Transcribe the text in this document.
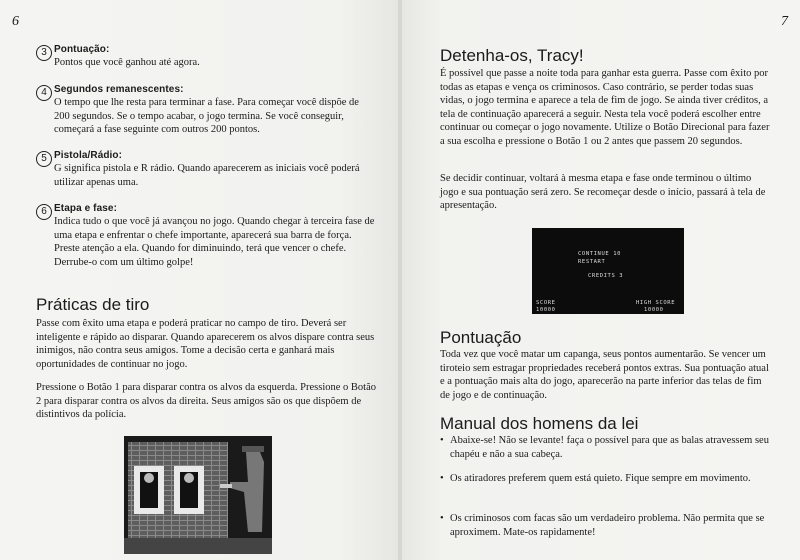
6
3 Pontuação:

Pontos que você ganhou até agora.

4 Segundos remanescentes:

O tempo que lhe resta para terminar a fase. Para começar você dispõe de 200 segundos. Se o tempo acabar, o jogo termina. Se você conseguir, começará a fase seguinte com outros 200 pontos.

5 Pistola/Rádio:

G significa pistola e R rádio. Quando aparecerem as iniciais você poderá utilizar apenas uma.

6 Etapa e fase:

Indica tudo o que você já avançou no jogo. Quando chegar à terceira fase de uma etapa e enfrentar o chefe importante, aparecerá sua barra de força. Preste atenção a ela. Quando for diminuindo, terá que vencer o chefe. Derrube-o com um último golpe!

Práticas de tiro

Passe com êxito uma etapa e poderá praticar no campo de tiro. Deverá ser inteligente e rápido ao disparar. Quando aparecerem os alvos dispare contra seus inimigos, não contra seus amigos. Tome a decisão certa e ganhará mais oportunidades de continuar no jogo.

Pressione o Botão 1 para disparar contra os alvos da esquerda. Pressione o Botão 2 para disparar contra os alvos da direita. Seus amigos são os que dispõem de distintivos da polícia.

7
Detenha-os, Tracy!

É possível que passe a noite toda para ganhar esta guerra. Passe com êxito por todas as etapas e vença os criminosos. Caso contrário, se perder todas suas vidas, o jogo termina e aparece a tela de fim de jogo. Se ainda tiver créditos, a tela de continuação aparecerá a seguir. Nesta tela você poderá escolher entre continuar ou começar o jogo novamente. Utilize o Botão Direcional para fazer a sua escolha e pressione o Botão 1 ou 2 antes que passem 20 segundos.

Se decidir continuar, voltará à mesma etapa e fase onde terminou o último jogo e sua pontuação será zero. Se recomeçar desde o início, passará à tela de apresentação.

CONTINUE 10
RESTART
CREDITS 3
SCORE
10000
HIGH SCORE
10000
Pontuação

Toda vez que você matar um capanga, seus pontos aumentarão. Se vencer um tiroteio sem estragar propriedades receberá pontos extras. Sua pontuação atual e a pontuação mais alta do jogo, aparecerão na parte inferior das telas de fim de jogo e de continuação.

Manual dos homens da lei
• Abaixe-se! Não se levante! faça o possível para que as balas atravessem seu chapéu e não a sua cabeça.
• Os atiradores preferem quem está quieto. Fique sempre em movimento.
• Os criminosos com facas são um verdadeiro problema. Não permita que se aproximem. Mate-os rapidamente!
